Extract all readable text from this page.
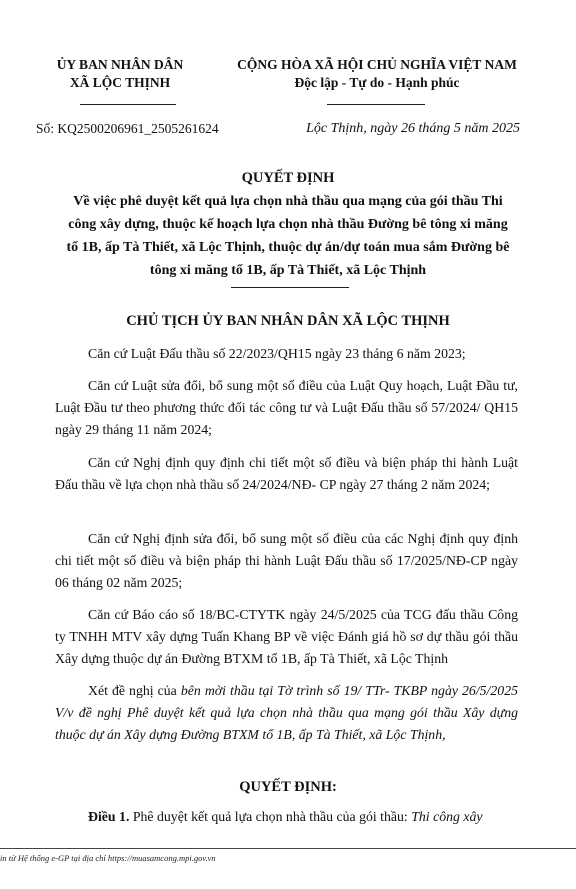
ỦY BAN NHÂN DÂN
XÃ LỘC THỊNH
CỘNG HÒA XÃ HỘI CHỦ NGHĨA VIỆT NAM
Độc lập - Tự do - Hạnh phúc
Số: KQ2500206961_2505261624	Lộc Thịnh, ngày 26 tháng 5 năm 2025
QUYẾT ĐỊNH
Về việc phê duyệt kết quả lựa chọn nhà thầu qua mạng của gói thầu Thi
công xây dựng, thuộc kế hoạch lựa chọn nhà thầu Đường bê tông xi măng
tổ 1B, ấp Tà Thiết, xã Lộc Thịnh, thuộc dự án/dự toán mua sắm Đường bê
tông xi măng tổ 1B, ấp Tà Thiết, xã Lộc Thịnh
CHỦ TỊCH ỦY BAN NHÂN DÂN XÃ LỘC THỊNH
Căn cứ Luật Đấu thầu số 22/2023/QH15 ngày 23 tháng 6 năm 2023;
Căn cứ Luật sửa đổi, bổ sung một số điều của Luật Quy hoạch, Luật Đầu tư, Luật Đầu tư theo phương thức đối tác công tư và Luật Đấu thầu số 57/2024/ QH15 ngày 29 tháng 11 năm 2024;
Căn cứ Nghị định quy định chi tiết một số điều và biện pháp thi hành Luật Đấu thầu về lựa chọn nhà thầu số 24/2024/NĐ- CP ngày 27 tháng 2 năm 2024;
Căn cứ Nghị định sửa đổi, bổ sung một số điều của các Nghị định quy định chi tiết một số điều và biện pháp thi hành Luật Đấu thầu số 17/2025/NĐ-CP ngày 06 tháng 02 năm 2025;
Căn cứ Báo cáo số 18/BC-CTYTK ngày 24/5/2025 của TCG đấu thầu Công ty TNHH MTV xây dựng Tuấn Khang BP về việc Đánh giá hồ sơ dự thầu gói thầu Xây dựng thuộc dự án Đường BTXM tổ 1B, ấp Tà Thiết, xã Lộc Thịnh
Xét đề nghị của bên mời thầu tại Tờ trình số 19/ TTr- TKBP ngày 26/5/2025 V/v đề nghị Phê duyệt kết quả lựa chọn nhà thầu qua mạng gói thầu Xây dựng thuộc dự án Xây dựng Đường BTXM tổ 1B, ấp Tà Thiết, xã Lộc Thịnh,
QUYẾT ĐỊNH:
Điều 1. Phê duyệt kết quả lựa chọn nhà thầu của gói thầu: Thi công xây
in từ Hệ thống e-GP tại địa chỉ https://muasamcong.mpi.gov.vn
